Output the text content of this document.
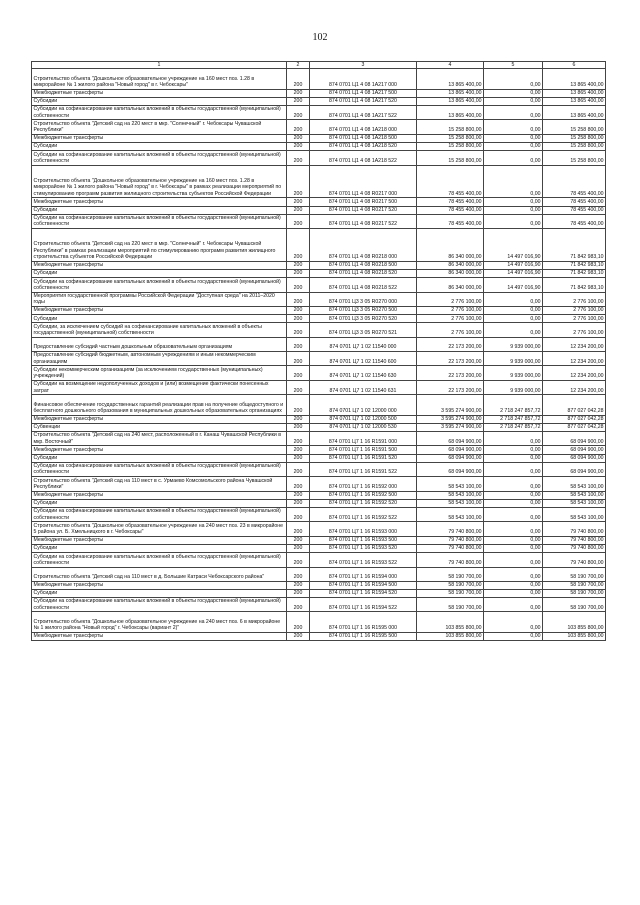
102
1	2	3	4	5	6
Строительство объекта "Дошкольное образовательное учреждение на 160 мест поз. 1.28 в микрорайоне № 1 жилого района "Новый город" в г. Чебоксары"	200	874 0701 Ц1 4 08 1А217 000	13 865 400,00	0,00	13 865 400,00
Межбюджетные трансферты	200	874 0701 Ц1 4 08 1А217 500	13 865 400,00	0,00	13 865 400,00
Субсидии	200	874 0701 Ц1 4 08 1А217 520	13 865 400,00	0,00	13 865 400,00
Субсидии на софинансирование капитальных вложений в объекты государственной (муниципальной) собственности	200	874 0701 Ц1 4 08 1А217 522	13 865 400,00	0,00	13 865 400,00
Строительство объекта "Детский сад на 220 мест в мкр. "Солнечный" г. Чебоксары Чувашской Республики"	200	874 0701 Ц1 4 08 1А218 000	15 258 800,00	0,00	15 258 800,00
Межбюджетные трансферты	200	874 0701 Ц1 4 08 1А218 500	15 258 800,00	0,00	15 258 800,00
Субсидии	200	874 0701 Ц1 4 08 1А218 520	15 258 800,00	0,00	15 258 800,00
Субсидии на софинансирование капитальных вложений в объекты государственной (муниципальной) собственности	200	874 0701 Ц1 4 08 1А218 522	15 258 800,00	0,00	15 258 800,00
Строительство объекта "Дошкольное образовательное учреждение на 160 мест поз. 1.28 в микрорайоне № 1 жилого района "Новый город" в г. Чебоксары" в рамках реализации мероприятий по стимулированию программ развития жилищного строительства субъектов Российской Федерации	200	874 0701 Ц1 4 08 R0217 000	78 455 400,00	0,00	78 455 400,00
Межбюджетные трансферты	200	874 0701 Ц1 4 08 R0217 500	78 455 400,00	0,00	78 455 400,00
Субсидии	200	874 0701 Ц1 4 08 R0217 520	78 455 400,00	0,00	78 455 400,00
Субсидии на софинансирование капитальных вложений в объекты государственной (муниципальной) собственности	200	874 0701 Ц1 4 08 R0217 522	78 455 400,00	0,00	78 455 400,00
Строительство объекта "Детский сад на 220 мест в мкр. "Солнечный" г. Чебоксары Чувашской Республики" в рамках реализации мероприятий по стимулированию программ развития жилищного строительства субъектов Российской Федерации	200	874 0701 Ц1 4 08 R0218 000	86 340 000,00	14 497 016,90	71 842 983,10
Межбюджетные трансферты	200	874 0701 Ц1 4 08 R0218 500	86 340 000,00	14 497 016,90	71 842 983,10
Субсидии	200	874 0701 Ц1 4 08 R0218 520	86 340 000,00	14 497 016,90	71 842 983,10
Субсидии на софинансирование капитальных вложений в объекты государственной (муниципальной) собственности	200	874 0701 Ц1 4 08 R0218 522	86 340 000,00	14 497 016,90	71 842 983,10
Мероприятия государственной программы Российской Федерации "Доступная среда" на 2011–2020 годы	200	874 0701 Ц3 3 05 R0270 000	2 776 100,00	0,00	2 776 100,00
Межбюджетные трансферты	200	874 0701 Ц3 3 05 R0270 500	2 776 100,00	0,00	2 776 100,00
Субсидии	200	874 0701 Ц3 3 05 R0270 520	2 776 100,00	0,00	2 776 100,00
Субсидии, за исключением субсидий на софинансирование капитальных вложений в объекты государственной (муниципальной) собственности	200	874 0701 Ц3 3 05 R0270 521	2 776 100,00	0,00	2 776 100,00
Предоставление субсидий частным дошкольным образовательным организациям	200	874 0701 Ц7 1 02 11540 000	22 173 200,00	9 939 000,00	12 234 200,00
Предоставление субсидий бюджетным, автономным учреждениям и иным некоммерческим организациям	200	874 0701 Ц7 1 02 11540 600	22 173 200,00	9 939 000,00	12 234 200,00
Субсидии некоммерческим организациям (за исключением государственных (муниципальных) учреждений)	200	874 0701 Ц7 1 02 11540 630	22 173 200,00	9 939 000,00	12 234 200,00
Субсидии на возмещение недополученных доходов и (или) возмещение фактически понесенных затрат	200	874 0701 Ц7 1 02 11540 631	22 173 200,00	9 939 000,00	12 234 200,00
Финансовое обеспечение государственных гарантий реализации прав на получение общедоступного и бесплатного дошкольного образования в муниципальных дошкольных образовательных организациях	200	874 0701 Ц7 1 02 12000 000	3 595 274 900,00	2 718 247 857,72	877 027 042,28
Межбюджетные трансферты	200	874 0701 Ц7 1 02 12000 500	3 595 274 900,00	2 718 247 857,72	877 027 042,28
Субвенции	200	874 0701 Ц7 1 02 12000 530	3 595 274 900,00	2 718 247 857,72	877 027 042,28
Строительство объекта "Детский сад на 240 мест, расположенный в г. Канаш Чувашской Республики в мкр. Восточный"	200	874 0701 Ц7 1 16 R1591 000	68 094 900,00	0,00	68 094 900,00
Межбюджетные трансферты	200	874 0701 Ц7 1 16 R1591 500	68 094 900,00	0,00	68 094 900,00
Субсидии	200	874 0701 Ц7 1 16 R1591 520	68 094 900,00	0,00	68 094 900,00
Субсидии на софинансирование капитальных вложений в объекты государственной (муниципальной) собственности	200	874 0701 Ц7 1 16 R1591 522	68 094 900,00	0,00	68 094 900,00
Строительство объекта "Детский сад на 110 мест в с. Урмаево Комсомольского района Чувашской Республики"	200	874 0701 Ц7 1 16 R1592 000	58 543 100,00	0,00	58 543 100,00
Межбюджетные трансферты	200	874 0701 Ц7 1 16 R1592 500	58 543 100,00	0,00	58 543 100,00
Субсидии	200	874 0701 Ц7 1 16 R1592 520	58 543 100,00	0,00	58 543 100,00
Субсидии на софинансирование капитальных вложений в объекты государственной (муниципальной) собственности	200	874 0701 Ц7 1 16 R1592 522	58 543 100,00	0,00	58 543 100,00
Строительство объекта "Дошкольное образовательное учреждение на 240 мест поз. 23 в микрорайоне 5 района ул. Б. Хмельницкого в г. Чебоксары"	200	874 0701 Ц7 1 16 R1593 000	79 740 800,00	0,00	79 740 800,00
Межбюджетные трансферты	200	874 0701 Ц7 1 16 R1593 500	79 740 800,00	0,00	79 740 800,00
Субсидии	200	874 0701 Ц7 1 16 R1593 520	79 740 800,00	0,00	79 740 800,00
Субсидии на софинансирование капитальных вложений в объекты государственной (муниципальной) собственности	200	874 0701 Ц7 1 16 R1593 522	79 740 800,00	0,00	79 740 800,00
Строительство объекта "Детский сад на 110 мест в д. Большие Катраси Чебоксарского района"	200	874 0701 Ц7 1 16 R1594 000	58 190 700,00	0,00	58 190 700,00
Межбюджетные трансферты	200	874 0701 Ц7 1 16 R1594 500	58 190 700,00	0,00	58 190 700,00
Субсидии	200	874 0701 Ц7 1 16 R1594 520	58 190 700,00	0,00	58 190 700,00
Субсидии на софинансирование капитальных вложений в объекты государственной (муниципальной) собственности	200	874 0701 Ц7 1 16 R1594 522	58 190 700,00	0,00	58 190 700,00
Строительство объекта "Дошкольное образовательное учреждение на 240 мест поз. 6 в микрорайоне № 1 жилого района "Новый город" г. Чебоксары (вариант 2)"	200	874 0701 Ц7 1 16 R1595 000	103 855 800,00	0,00	103 855 800,00
Межбюджетные трансферты	200	874 0701 Ц7 1 16 R1595 500	103 855 800,00	0,00	103 855 800,00
